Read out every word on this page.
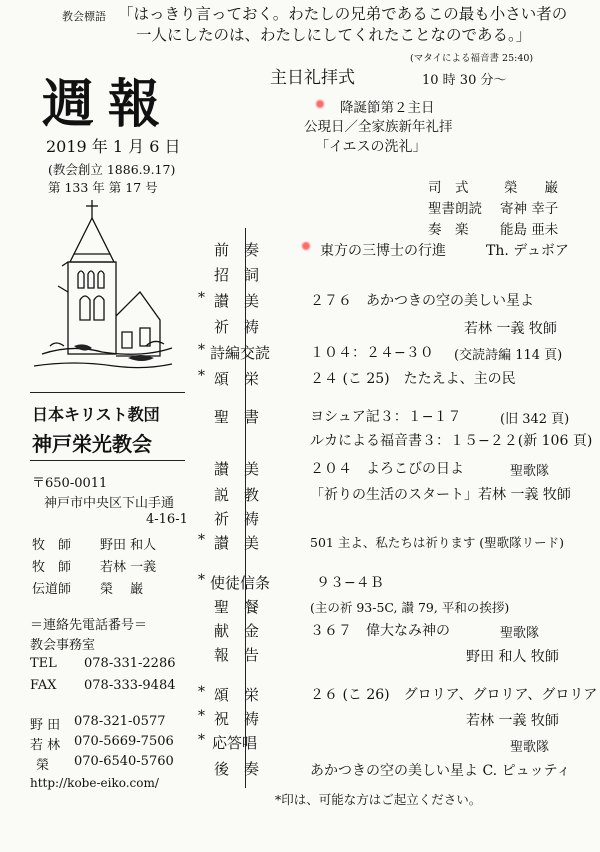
教会標語 「はっきり言っておく。わたしの兄弟であるこの最も小さい者の
一人にしたのは、わたしにしてくれたことなのである。」
(マタイによる福音書 25:40)
週報
2019 年 1 月 6 日
(教会創立 1886.9.17)
第 133 年 第 17 号
日本キリスト教団
神戸栄光教会
〒650-0011
神戸市中央区下山手通
4-16-1
牧　師 野田 和人
牧　師 若林 一義
伝道師 榮　 巌
＝連絡先電話番号＝
教会事務室
TEL 078-331-2286
FAX 078-333-9484
野 田 078-321-0577
若 林 070-5669-7506
榮 070-6540-5760
http://kobe-eiko.com/
主日礼拝式	10 時 30 分〜
降誕節第２主日
公現日／全家族新年礼拝
「イエスの洗礼」
司　式	榮　　巌
聖書朗読 寄神 幸子
奏　楽 能島 亜未
前　奏	東方の三博士の行進	Th. デュボア
招　詞
* 讃　美	２７６　あかつきの空の美しい星よ
祈　祷	若林 一義 牧師
* 詩編交読	１０４：２４−３０ (交読詩編 114 頁)
* 頌　栄	２４ (こ 25)　たたえよ、主の民
聖　書	ヨシュア記３：１−１７	(旧 342 頁)
ルカによる福音書３：１５−２２(新 106 頁)
讃　美	２０４　よろこびの日よ	聖歌隊
説　教	「祈りの生活のスタート」若林 一義 牧師
祈　祷
* 讃　美	501 主よ、私たちは祈ります (聖歌隊リード)
* 使徒信条	９３−４Ｂ
聖　餐	(主の祈 93-5C, 讃 79, 平和の挨拶)
献　金	３６７　偉大なみ神の	聖歌隊
報　告	野田 和人 牧師
* 頌　栄	２６ (こ 26)　グロリア、グロリア、グロリア
* 祝　祷	若林 一義 牧師
* 応答唱	聖歌隊
後　奏	あかつきの空の美しい星よ C. ピュッティ
*印は、可能な方はご起立ください。
